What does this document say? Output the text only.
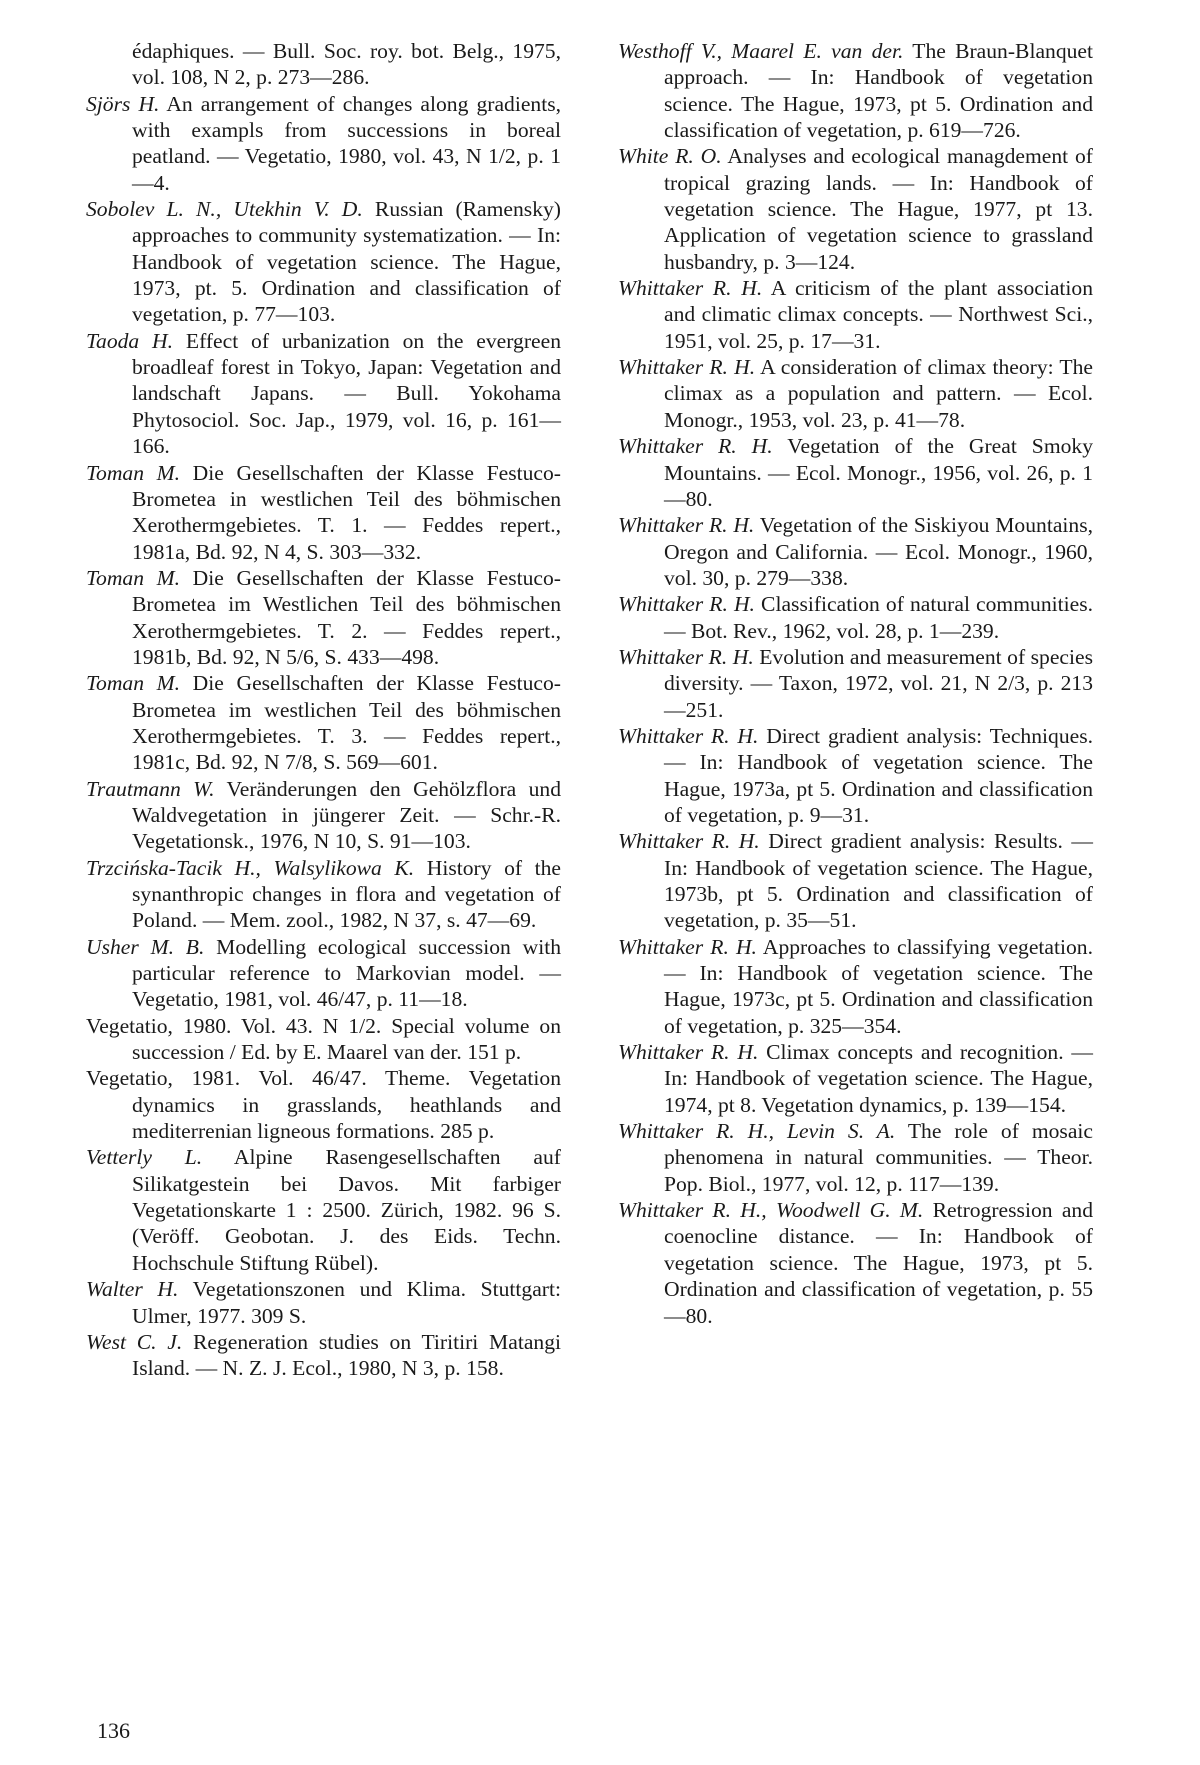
édaphiques. — Bull. Soc. roy. bot. Belg., 1975, vol. 108, N 2, p. 273—286.

Sjörs H. An arrangement of changes along gradients, with exampls from successions in boreal peatland. — Vegetatio, 1980, vol. 43, N 1/2, p. 1—4.

Sobolev L. N., Utekhin V. D. Russian (Ramensky) approaches to community systematization. — In: Handbook of vegetation science. The Hague, 1973, pt. 5. Ordination and classification of vegetation, p. 77—103.

Taoda H. Effect of urbanization on the evergreen broadleaf forest in Tokyo, Japan: Vegetation and landschaft Japans. — Bull. Yokohama Phytosociol. Soc. Jap., 1979, vol. 16, p. 161—166.

Toman M. Die Gesellschaften der Klasse Festuco-Brometea in westlichen Teil des böhmischen Xerothermgebietes. T. 1. — Feddes repert., 1981a, Bd. 92, N 4, S. 303—332.

Toman M. Die Gesellschaften der Klasse Festuco-Brometea im Westlichen Teil des böhmischen Xerothermgebietes. T. 2. — Feddes repert., 1981b, Bd. 92, N 5/6, S. 433—498.

Toman M. Die Gesellschaften der Klasse Festuco-Brometea im westlichen Teil des böhmischen Xerothermgebietes. T. 3. — Feddes repert., 1981c, Bd. 92, N 7/8, S. 569—601.

Trautmann W. Veränderungen den Gehölzflora und Waldvegetation in jüngerer Zeit. — Schr.-R. Vegetationsk., 1976, N 10, S. 91—103.

Trzcińska-Tacik H., Walsylikowa K. History of the synanthropic changes in flora and vegetation of Poland. — Mem. zool., 1982, N 37, s. 47—69.

Usher M. B. Modelling ecological succession with particular reference to Markovian model. — Vegetatio, 1981, vol. 46/47, p. 11—18.

Vegetatio, 1980. Vol. 43. N 1/2. Special volume on succession / Ed. by E. Maarel van der. 151 p.

Vegetatio, 1981. Vol. 46/47. Theme. Vegetation dynamics in grasslands, heathlands and mediterrenian ligneous formations. 285 p.

Vetterly L. Alpine Rasengesellschaften auf Silikatgestein bei Davos. Mit farbiger Vegetationskarte 1 : 2500. Zürich, 1982. 96 S. (Veröff. Geobotan. J. des Eids. Techn. Hochschule Stiftung Rübel).

Walter H. Vegetationszonen und Klima. Stuttgart: Ulmer, 1977. 309 S.

West C. J. Regeneration studies on Tiritiri Matangi Island. — N. Z. J. Ecol., 1980, N 3, p. 158.

Westhoff V., Maarel E. van der. The Braun-Blanquet approach. — In: Handbook of vegetation science. The Hague, 1973, pt 5. Ordination and classification of vegetation, p. 619—726.

White R. O. Analyses and ecological managdement of tropical grazing lands. — In: Handbook of vegetation science. The Hague, 1977, pt 13. Application of vegetation science to grassland husbandry, p. 3—124.

Whittaker R. H. A criticism of the plant association and climatic climax concepts. — Northwest Sci., 1951, vol. 25, p. 17—31.

Whittaker R. H. A consideration of climax theory: The climax as a population and pattern. — Ecol. Monogr., 1953, vol. 23, p. 41—78.

Whittaker R. H. Vegetation of the Great Smoky Mountains. — Ecol. Monogr., 1956, vol. 26, p. 1—80.

Whittaker R. H. Vegetation of the Siskiyou Mountains, Oregon and California. — Ecol. Monogr., 1960, vol. 30, p. 279—338.

Whittaker R. H. Classification of natural communities. — Bot. Rev., 1962, vol. 28, p. 1—239.

Whittaker R. H. Evolution and measurement of species diversity. — Taxon, 1972, vol. 21, N 2/3, p. 213—251.

Whittaker R. H. Direct gradient analysis: Techniques. — In: Handbook of vegetation science. The Hague, 1973a, pt 5. Ordination and classification of vegetation, p. 9—31.

Whittaker R. H. Direct gradient analysis: Results. — In: Handbook of vegetation science. The Hague, 1973b, pt 5. Ordination and classification of vegetation, p. 35—51.

Whittaker R. H. Approaches to classifying vegetation. — In: Handbook of vegetation science. The Hague, 1973c, pt 5. Ordination and classification of vegetation, p. 325—354.

Whittaker R. H. Climax concepts and recognition. — In: Handbook of vegetation science. The Hague, 1974, pt 8. Vegetation dynamics, p. 139—154.

Whittaker R. H., Levin S. A. The role of mosaic phenomena in natural communities. — Theor. Pop. Biol., 1977, vol. 12, p. 117—139.

Whittaker R. H., Woodwell G. M. Retrogression and coenocline distance. — In: Handbook of vegetation science. The Hague, 1973, pt 5. Ordination and classification of vegetation, p. 55—80.

136
